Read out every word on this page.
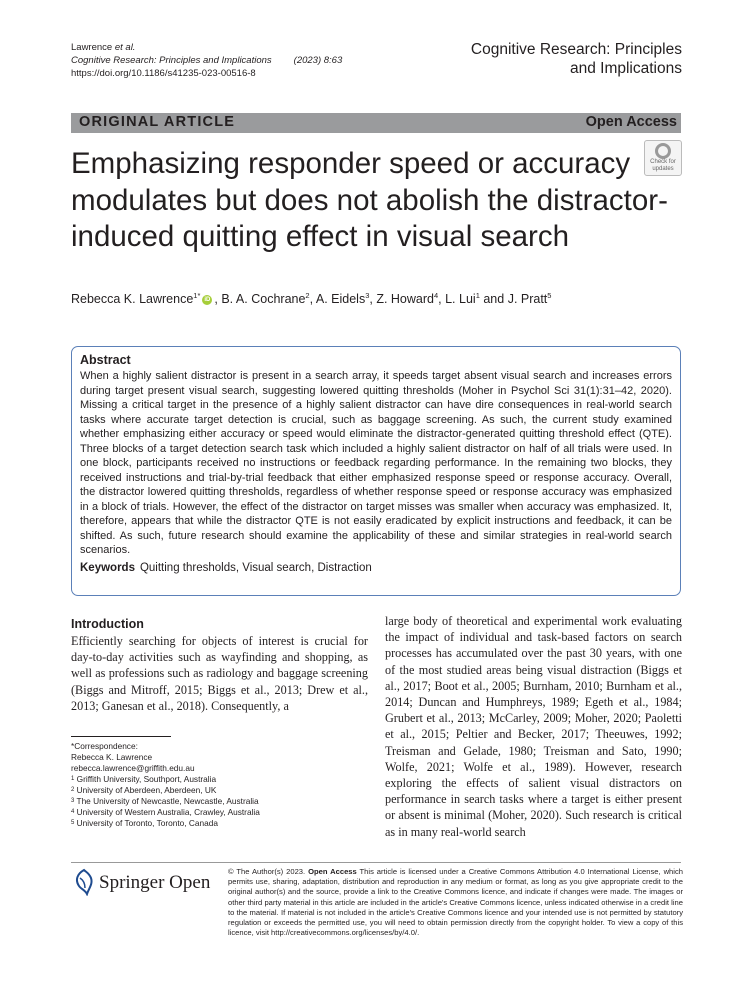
Lawrence et al.
Cognitive Research: Principles and Implications (2023) 8:63
https://doi.org/10.1186/s41235-023-00516-8
Cognitive Research: Principles
and Implications
ORIGINAL ARTICLE	Open Access
Check for
updates
Emphasizing responder speed or accuracy modulates but does not abolish the distractor-induced quitting effect in visual search
Rebecca K. Lawrence$^{1*}$ iD , B. A. Cochrane$^2$, A. Eidels$^3$, Z. Howard$^4$, L. Lui$^1$ and J. Pratt$^5$
Abstract

When a highly salient distractor is present in a search array, it speeds target absent visual search and increases errors during target present visual search, suggesting lowered quitting thresholds (Moher in Psychol Sci 31(1):31–42, 2020). Missing a critical target in the presence of a highly salient distractor can have dire consequences in real-world search tasks where accurate target detection is crucial, such as baggage screening. As such, the current study examined whether emphasizing either accuracy or speed would eliminate the distractor-generated quitting threshold effect (QTE). Three blocks of a target detection search task which included a highly salient distractor on half of all trials were used. In one block, participants received no instructions or feedback regarding performance. In the remaining two blocks, they received instructions and trial-by-trial feedback that either emphasized response speed or response accuracy. Overall, the distractor lowered quitting thresholds, regardless of whether response speed or response accuracy was emphasized in a block of trials. However, the effect of the distractor on target misses was smaller when accuracy was emphasized. It, therefore, appears that while the distractor QTE is not easily eradicated by explicit instructions and feedback, it can be shifted. As such, future research should examine the applicability of these and similar strategies in real-world search scenarios.

Keywords Quitting thresholds, Visual search, Distraction
Introduction

Efficiently searching for objects of interest is crucial for day-to-day activities such as wayfinding and shopping, as well as professions such as radiology and baggage screening (Biggs and Mitroff, 2015; Biggs et al., 2013; Drew et al., 2013; Ganesan et al., 2018). Consequently, a

large body of theoretical and experimental work evaluating the impact of individual and task-based factors on search processes has accumulated over the past 30 years, with one of the most studied areas being visual distraction (Biggs et al., 2017; Boot et al., 2005; Burnham, 2010; Burnham et al., 2014; Duncan and Humphreys, 1989; Egeth et al., 1984; Grubert et al., 2013; McCarley, 2009; Moher, 2020; Paoletti et al., 2015; Peltier and Becker, 2017; Theeuwes, 1992; Treisman and Gelade, 1980; Treisman and Sato, 1990; Wolfe, 2021; Wolfe et al., 1989). However, research exploring the effects of salient visual distractors on performance in search tasks where a target is either present or absent is minimal (Moher, 2020). Such research is critical as in many real-world search

*Correspondence:
Rebecca K. Lawrence
rebecca.lawrence@griffith.edu.au
$^1$ Griffith University, Southport, Australia
$^2$ University of Aberdeen, Aberdeen, UK
$^3$ The University of Newcastle, Newcastle, Australia
$^4$ University of Western Australia, Crawley, Australia
$^5$ University of Toronto, Toronto, Canada
Springer Open
© The Author(s) 2023. Open Access This article is licensed under a Creative Commons Attribution 4.0 International License, which permits use, sharing, adaptation, distribution and reproduction in any medium or format, as long as you give appropriate credit to the original author(s) and the source, provide a link to the Creative Commons licence, and indicate if changes were made. The images or other third party material in this article are included in the article's Creative Commons licence, unless indicated otherwise in a credit line to the material. If material is not included in the article's Creative Commons licence and your intended use is not permitted by statutory regulation or exceeds the permitted use, you will need to obtain permission directly from the copyright holder. To view a copy of this licence, visit http://creativecommons.org/licenses/by/4.0/.
